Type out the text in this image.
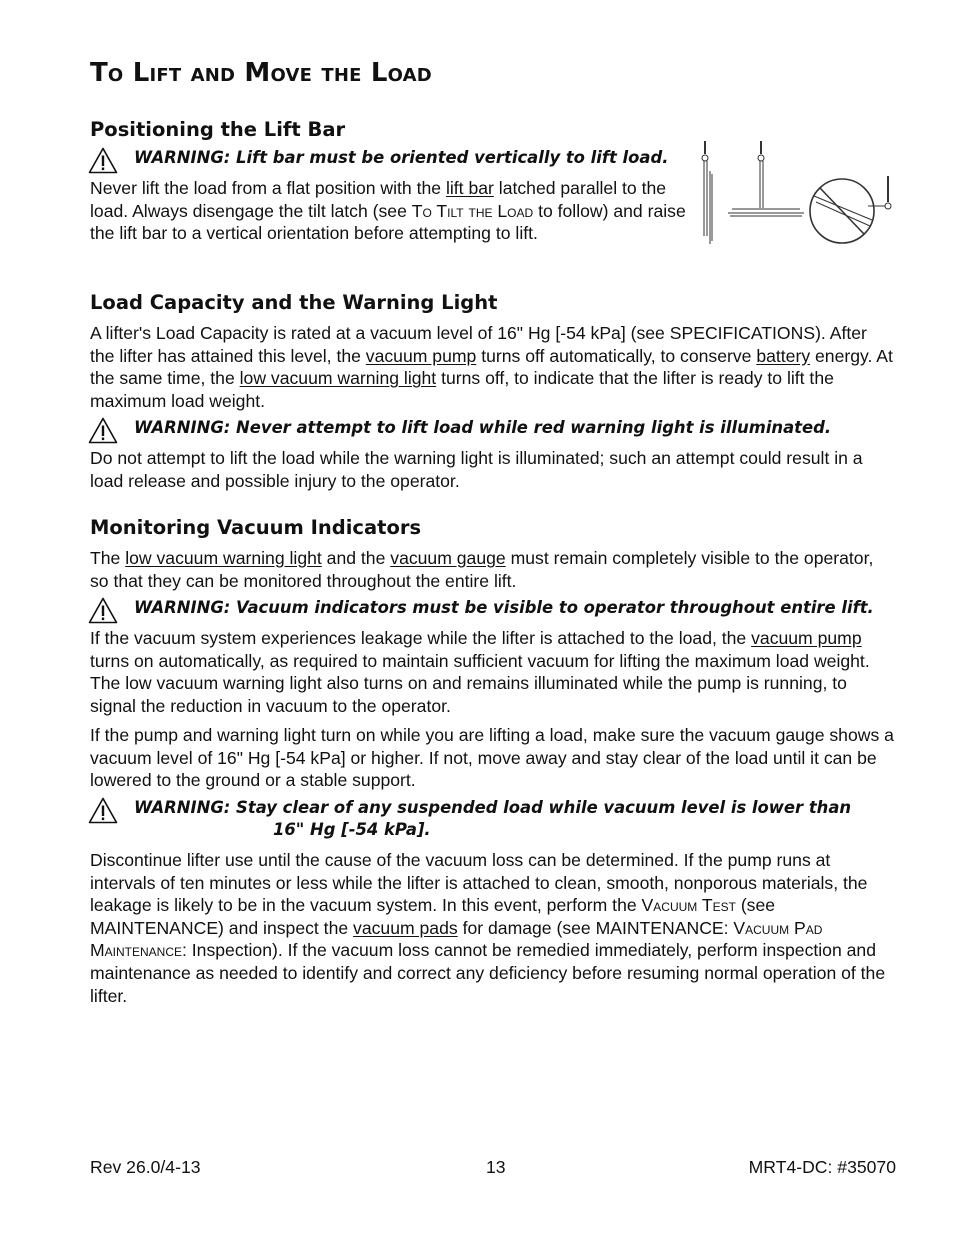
To Lift and Move the Load
Positioning the Lift Bar
WARNING: Lift bar must be oriented vertically to lift load.

Never lift the load from a flat position with the lift bar latched parallel to the load. Always disengage the tilt latch (see To Tilt the Load to follow) and raise the lift bar to a vertical orientation before attempting to lift.

Load Capacity and the Warning Light

A lifter's Load Capacity is rated at a vacuum level of 16" Hg [-54 kPa] (see SPECIFICATIONS). After the lifter has attained this level, the vacuum pump turns off automatically, to conserve battery energy. At the same time, the low vacuum warning light turns off, to indicate that the lifter is ready to lift the maximum load weight.

WARNING: Never attempt to lift load while red warning light is illuminated.

Do not attempt to lift the load while the warning light is illuminated; such an attempt could result in a load release and possible injury to the operator.

Monitoring Vacuum Indicators

The low vacuum warning light and the vacuum gauge must remain completely visible to the operator, so that they can be monitored throughout the entire lift.

WARNING: Vacuum indicators must be visible to operator throughout entire lift.

If the vacuum system experiences leakage while the lifter is attached to the load, the vacuum pump turns on automatically, as required to maintain sufficient vacuum for lifting the maximum load weight. The low vacuum warning light also turns on and remains illuminated while the pump is running, to signal the reduction in vacuum to the operator.

If the pump and warning light turn on while you are lifting a load, make sure the vacuum gauge shows a vacuum level of 16" Hg [-54 kPa] or higher. If not, move away and stay clear of the load until it can be lowered to the ground or a stable support.

WARNING: Stay clear of any suspended load while vacuum level is lower than
16" Hg [-54 kPa].

Discontinue lifter use until the cause of the vacuum loss can be determined. If the pump runs at intervals of ten minutes or less while the lifter is attached to clean, smooth, nonporous materials, the leakage is likely to be in the vacuum system. In this event, perform the Vacuum Test (see MAINTENANCE) and inspect the vacuum pads for damage (see MAINTENANCE: Vacuum Pad Maintenance: Inspection). If the vacuum loss cannot be remedied immediately, perform inspection and maintenance as needed to identify and correct any deficiency before resuming normal operation of the lifter.

Rev 26.0/4-13	13	MRT4-DC: #35070
